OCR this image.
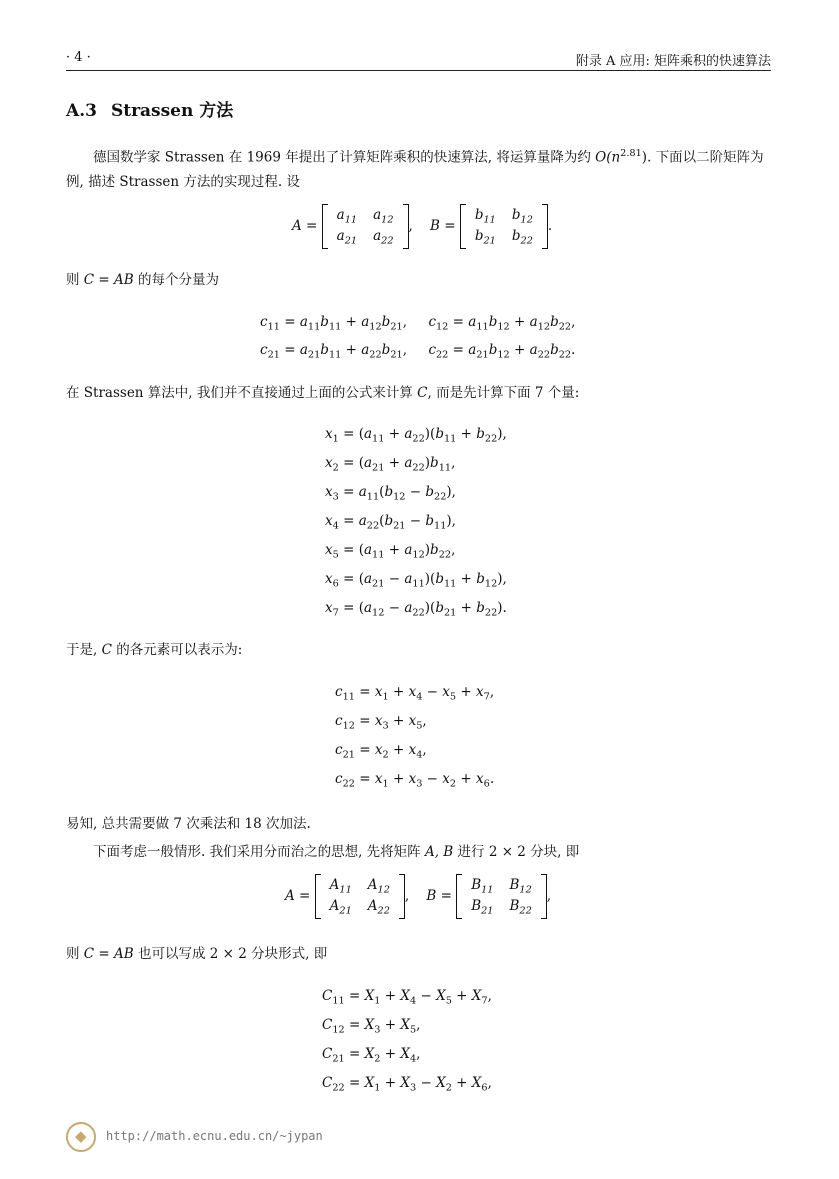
· 4 ·	附录 A 应用: 矩阵乘积的快速算法
A.3 Strassen 方法
德国数学家 Strassen 在 1969 年提出了计算矩阵乘积的快速算法, 将运算量降为约 $O(n^{2.81})$. 下面以二阶矩阵为例, 描述 Strassen 方法的实现过程. 设
A =
$a_{11}$	$a_{12}$
$a_{21}$	$a_{22}$
,    B =
$b_{11}$	$b_{12}$
$b_{21}$	$b_{22}$
.
则 C = AB 的每个分量为
$c_{11} = a_{11}b_{11} + a_{12}b_{21}$,     $c_{12} = a_{11}b_{12} + a_{12}b_{22}$,
$c_{21} = a_{21}b_{11} + a_{22}b_{21}$,     $c_{22} = a_{21}b_{12} + a_{22}b_{22}$.
在 Strassen 算法中, 我们并不直接通过上面的公式来计算 C, 而是先计算下面 7 个量:
$x_1 = (a_{11} + a_{22})(b_{11} + b_{22})$,
$x_2 = (a_{21} + a_{22})b_{11}$,
$x_3 = a_{11}(b_{12} - b_{22})$,
$x_4 = a_{22}(b_{21} - b_{11})$,
$x_5 = (a_{11} + a_{12})b_{22}$,
$x_6 = (a_{21} - a_{11})(b_{11} + b_{12})$,
$x_7 = (a_{12} - a_{22})(b_{21} + b_{22})$.
于是, C 的各元素可以表示为:
$c_{11} = x_1 + x_4 - x_5 + x_7$,
$c_{12} = x_3 + x_5$,
$c_{21} = x_2 + x_4$,
$c_{22} = x_1 + x_3 - x_2 + x_6$.
易知, 总共需要做 7 次乘法和 18 次加法.
下面考虑一般情形. 我们采用分而治之的思想, 先将矩阵 A, B 进行 2 × 2 分块, 即
A =
$A_{11}$	$A_{12}$
$A_{21}$	$A_{22}$
,    B =
$B_{11}$	$B_{12}$
$B_{21}$	$B_{22}$
,
则 C = AB 也可以写成 2 × 2 分块形式, 即
$C_{11} = X_1 + X_4 - X_5 + X_7$,
$C_{12} = X_3 + X_5$,
$C_{21} = X_2 + X_4$,
$C_{22} = X_1 + X_3 - X_2 + X_6$,
◆
http://math.ecnu.edu.cn/~jypan
